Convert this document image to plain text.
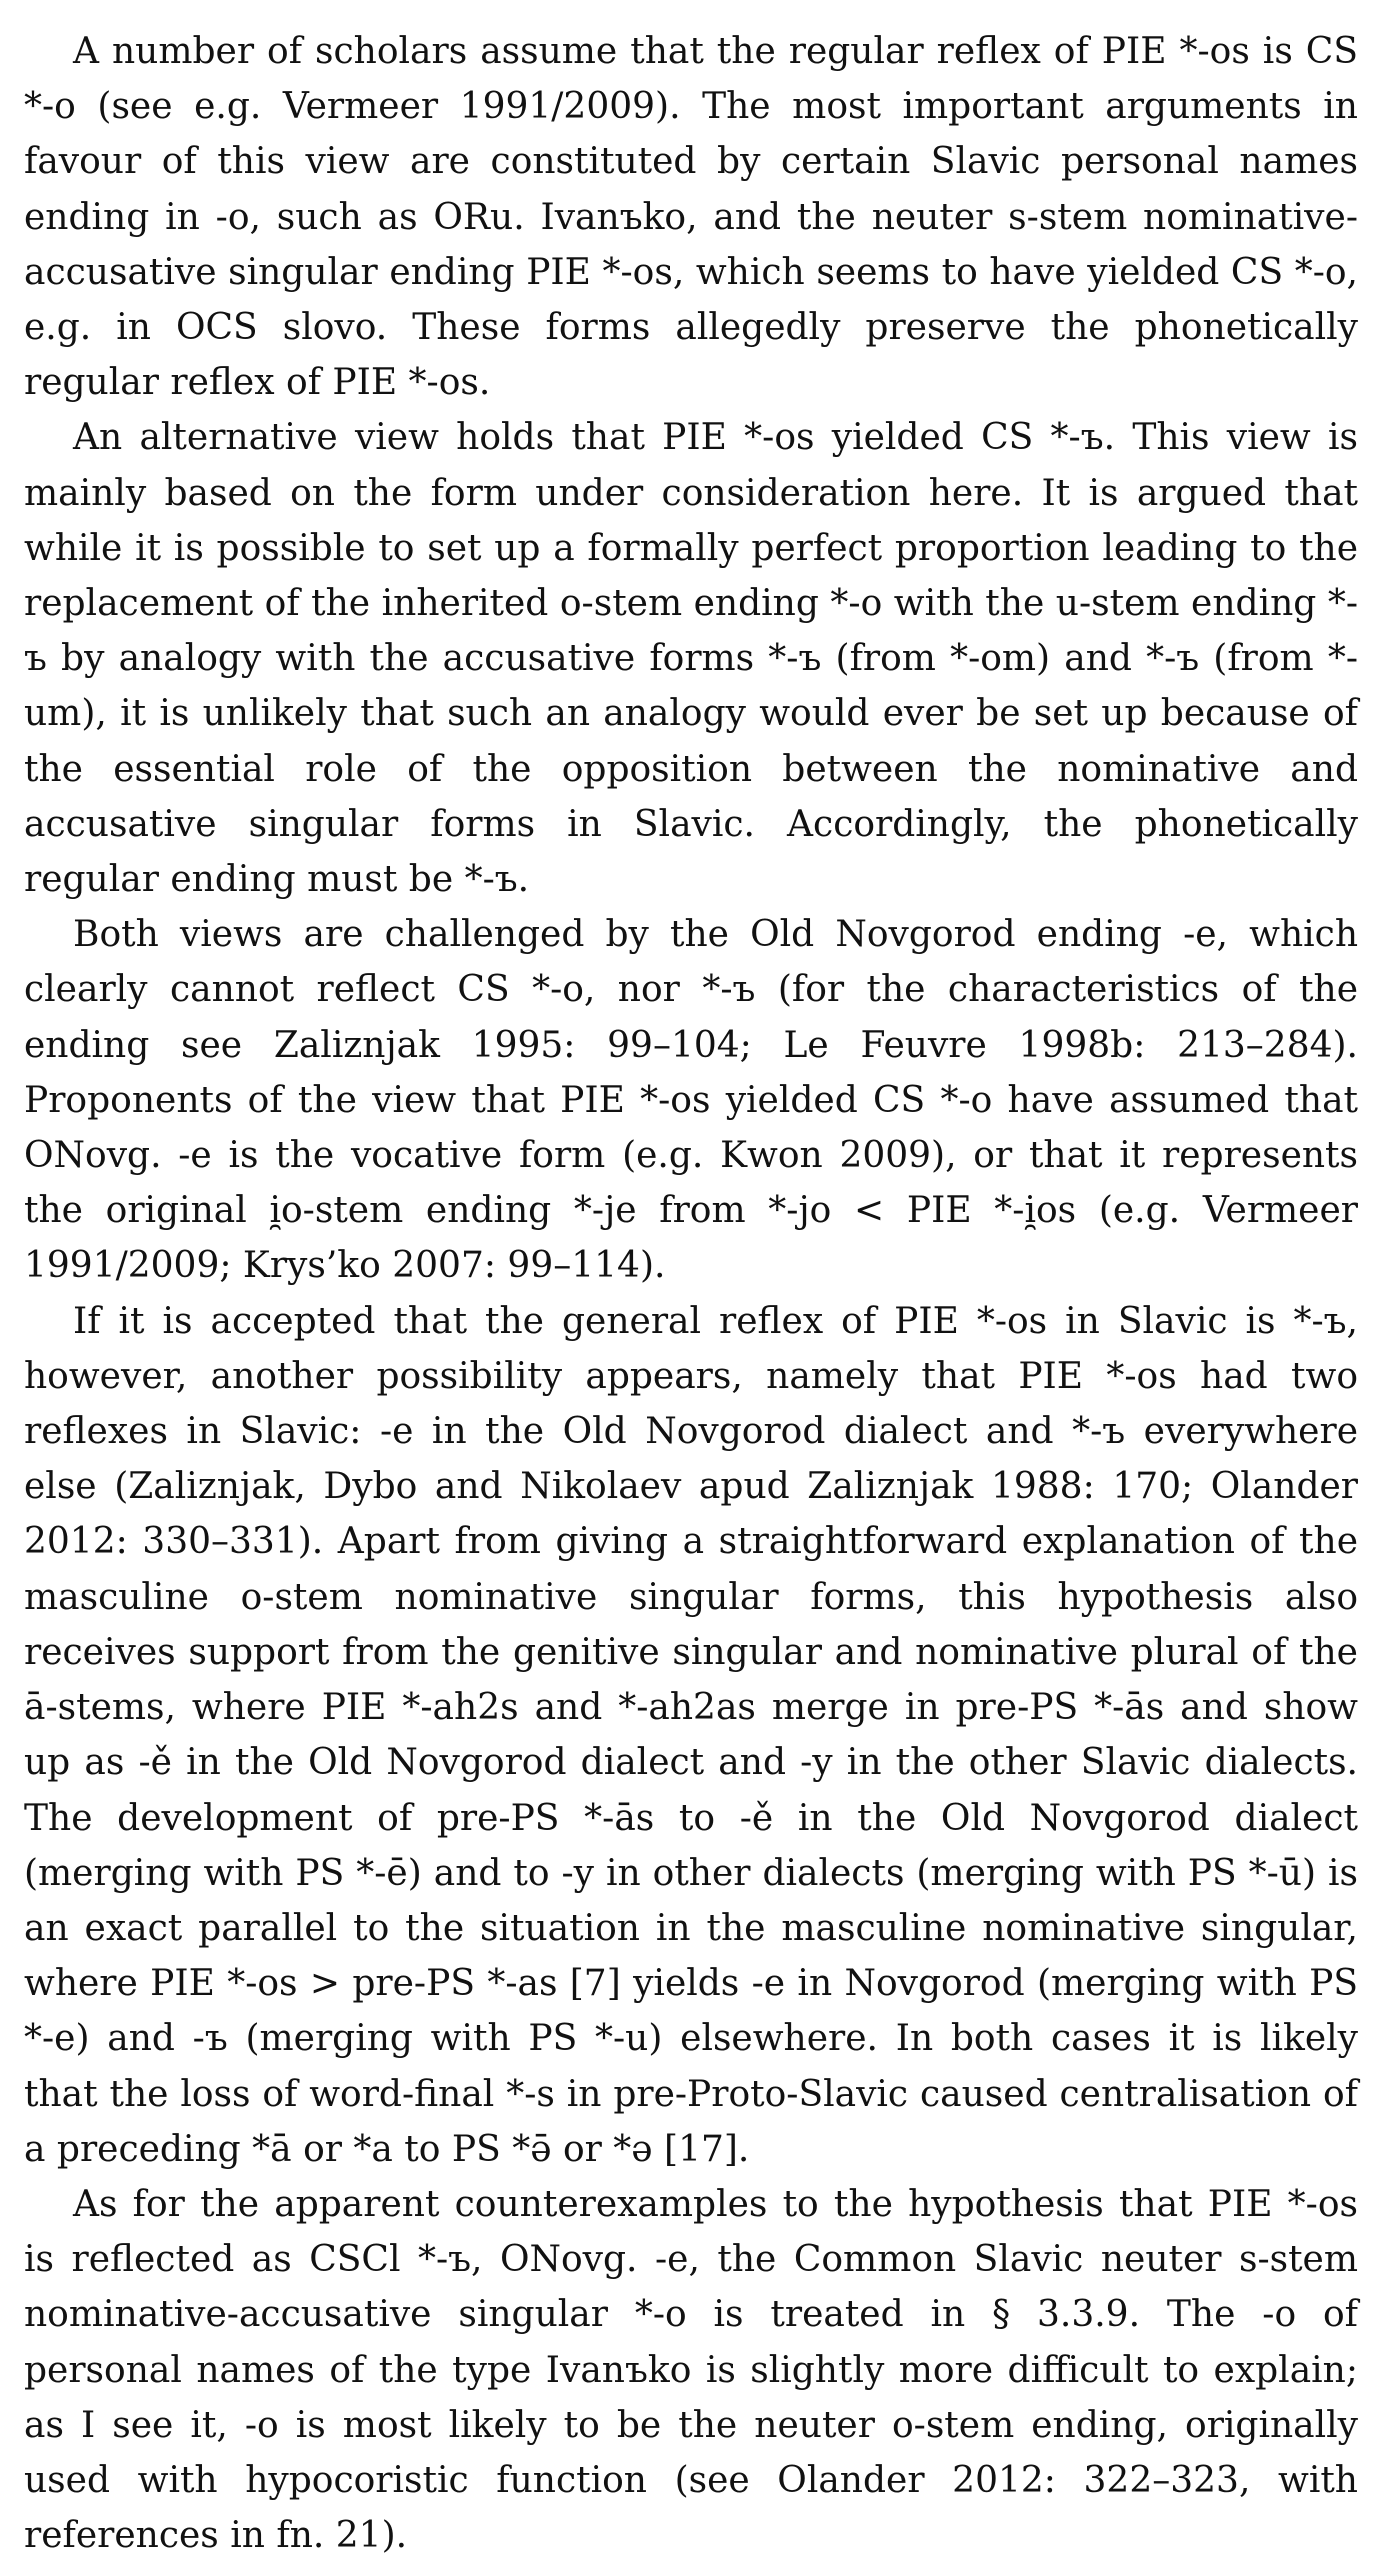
A number of scholars assume that the regular reflex of PIE *-os is CS *-o (see e.g. Vermeer 1991/2009). The most important arguments in favour of this view are constituted by certain Slavic personal names ending in -o, such as ORu. Ivanъko, and the neuter s-stem nominative-accusative singular ending PIE *-os, which seems to have yielded CS *-o, e.g. in OCS slovo. These forms allegedly preserve the phonetically regular reflex of PIE *-os.

An alternative view holds that PIE *-os yielded CS *-ъ. This view is mainly based on the form under consideration here. It is argued that while it is possible to set up a formally perfect proportion leading to the replacement of the inherited o-stem ending *-o with the u-stem ending *-ъ by analogy with the accusative forms *-ъ (from *-om) and *-ъ (from *-um), it is unlikely that such an analogy would ever be set up because of the essential role of the opposition between the nominative and accusative singular forms in Slavic. Accordingly, the phonetically regular ending must be *-ъ.

Both views are challenged by the Old Novgorod ending -e, which clearly cannot reflect CS *-o, nor *-ъ (for the characteristics of the ending see Zaliznjak 1995: 99–104; Le Feuvre 1998b: 213–284). Proponents of the view that PIE *-os yielded CS *-o have assumed that ONovg. -e is the vocative form (e.g. Kwon 2009), or that it represents the original i̯o-stem ending *-je from *-jo < PIE *-i̯os (e.g. Vermeer 1991/2009; Krys’ko 2007: 99–114).

If it is accepted that the general reflex of PIE *-os in Slavic is *-ъ, however, another possibility appears, namely that PIE *-os had two reflexes in Slavic: -e in the Old Novgorod dialect and *-ъ everywhere else (Zaliznjak, Dybo and Nikolaev apud Zaliznjak 1988: 170; Olander 2012: 330–331). Apart from giving a straightforward explanation of the masculine o-stem nominative singular forms, this hypothesis also receives support from the genitive singular and nominative plural of the ā-stems, where PIE *-ah2s and *-ah2as merge in pre-PS *-ās and show up as -ě in the Old Novgorod dialect and -y in the other Slavic dialects. The development of pre-PS *-ās to -ě in the Old Novgorod dialect (merging with PS *-ē) and to -y in other dialects (merging with PS *-ū) is an exact parallel to the situation in the masculine nominative singular, where PIE *-os > pre-PS *-as [7] yields -e in Novgorod (merging with PS *-e) and -ъ (merging with PS *-u) elsewhere. In both cases it is likely that the loss of word-final *-s in pre-Proto-Slavic caused centralisation of a preceding *ā or *a to PS *ə̄ or *ə [17].

As for the apparent counterexamples to the hypothesis that PIE *-os is reflected as CSCl *-ъ, ONovg. -e, the Common Slavic neuter s-stem nominative-accusative singular *-o is treated in § 3.3.9. The -o of personal names of the type Ivanъko is slightly more difficult to explain; as I see it, -o is most likely to be the neuter o-stem ending, originally used with hypocoristic function (see Olander 2012: 322–323, with references in fn. 21).
